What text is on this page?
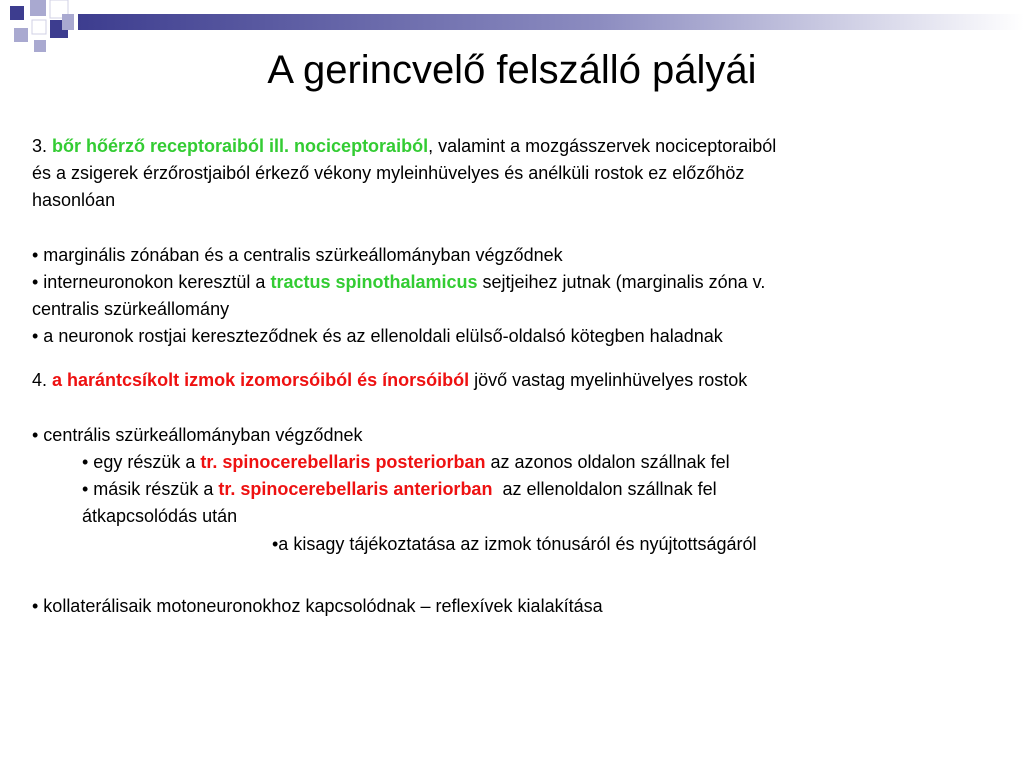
A gerincvelő felszálló pályái

3. bőr hőérző receptoraiból ill. nociceptoraiból, valamint a mozgásszervek nociceptoraiból

és a zsigerek érzőrostjaiból érkező vékony myleinhüvelyes és anélküli rostok ez előzőhöz

hasonlóan

• marginális zónában és a centralis szürkeállományban végződnek

• interneuronokon keresztül a tractus spinothalamicus sejtjeihez jutnak (marginalis zóna v.

centralis szürkeállomány

• a neuronok rostjai kereszteződnek és az ellenoldali elülső-oldalsó kötegben haladnak

4. a harántcsíkolt izmok izomorsóiból és ínorsóiból jövő vastag myelinhüvelyes rostok

• centrális szürkeállományban végződnek

• egy részük a tr. spinocerebellaris posteriorban az azonos oldalon szállnak fel

• másik részük a tr. spinocerebellaris anteriorban  az ellenoldalon szállnak fel

átkapcsolódás után

•a kisagy tájékoztatása az izmok tónusáról és nyújtottságáról

• kollaterálisaik motoneuronokhoz kapcsolódnak – reflexívek kialakítása
